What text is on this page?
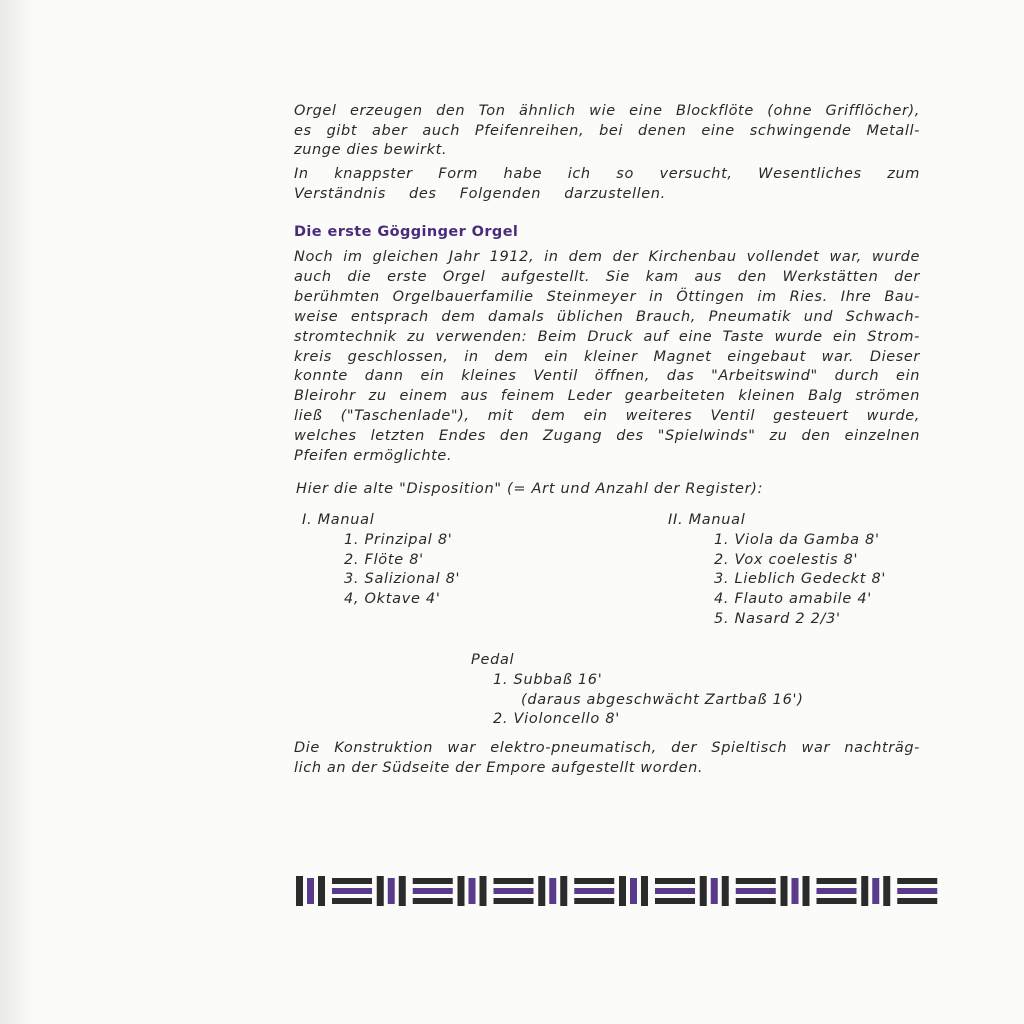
Orgel erzeugen den Ton ähnlich wie eine Blockflöte (ohne Grifflöcher),
es gibt aber auch Pfeifenreihen, bei denen eine schwingende Metall-
zunge dies bewirkt.
In knappster Form habe ich so versucht, Wesentliches zum
Verständnis des Folgenden darzustellen.
Die erste Gögginger Orgel
Noch im gleichen Jahr 1912, in dem der Kirchenbau vollendet war, wurde
auch die erste Orgel aufgestellt. Sie kam aus den Werkstätten der
berühmten Orgelbauerfamilie Steinmeyer in Öttingen im Ries. Ihre Bau-
weise entsprach dem damals üblichen Brauch, Pneumatik und Schwach-
stromtechnik zu verwenden: Beim Druck auf eine Taste wurde ein Strom-
kreis geschlossen, in dem ein kleiner Magnet eingebaut war. Dieser
konnte dann ein kleines Ventil öffnen, das "Arbeitswind" durch ein
Bleirohr zu einem aus feinem Leder gearbeiteten kleinen Balg strömen
ließ ("Taschenlade"), mit dem ein weiteres Ventil gesteuert wurde,
welches letzten Endes den Zugang des "Spielwinds" zu den einzelnen
Pfeifen ermöglichte.
Hier die alte "Disposition" (= Art und Anzahl der Register):
I. Manual
1. Prinzipal 8'
2. Flöte 8'
3. Salizional 8'
4, Oktave 4'
II. Manual
1. Viola da Gamba 8'
2. Vox coelestis 8'
3. Lieblich Gedeckt 8'
4. Flauto amabile 4'
5. Nasard 2 2/3'
Pedal
1. Subbaß 16'
(daraus abgeschwächt Zartbaß 16')
2. Violoncello 8'
Die Konstruktion war elektro-pneumatisch, der Spieltisch war nachträg-
lich an der Südseite der Empore aufgestellt worden.
